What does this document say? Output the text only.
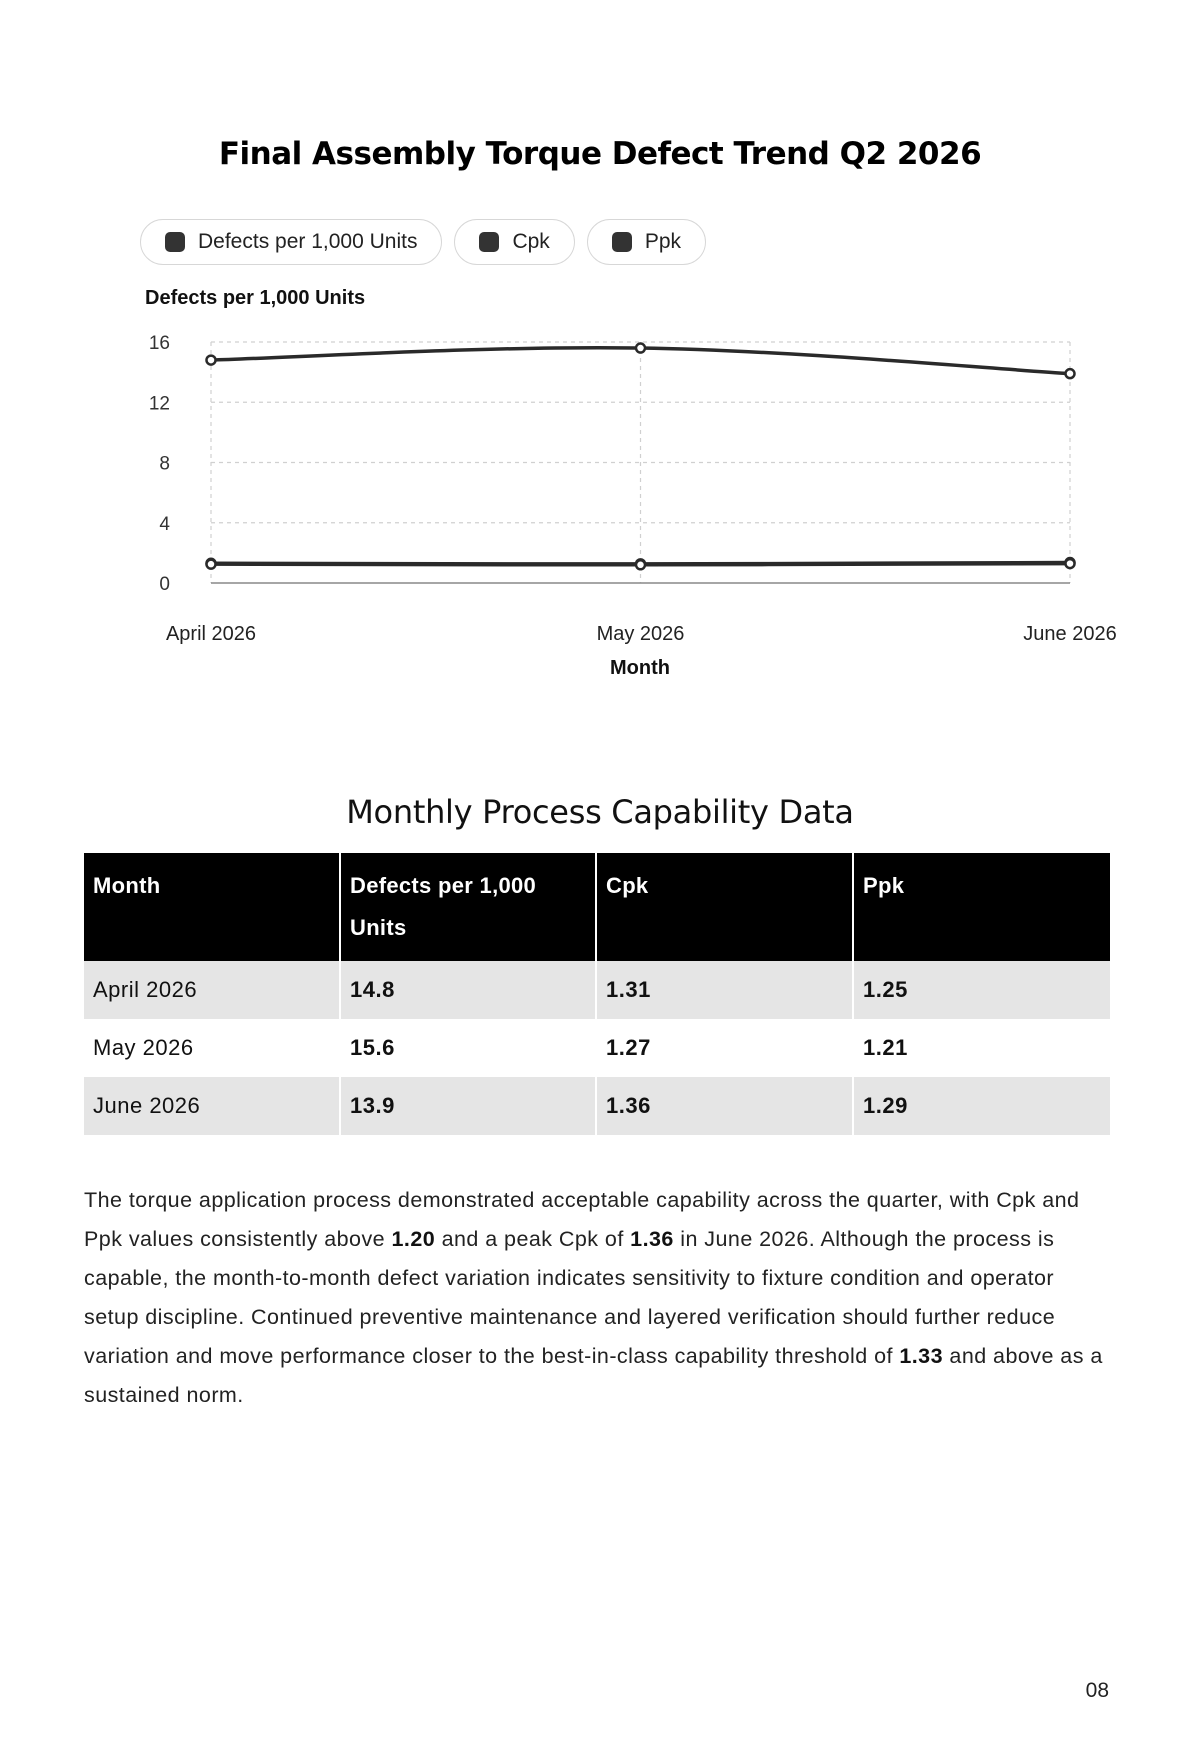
Final Assembly Torque Defect Trend Q2 2026
Defects per 1,000 Units	Cpk	Ppk
Defects per 1,000 Units
0
4
8
12
16
April 2026	May 2026	June 2026
Month
Monthly Process Capability Data
Month	Defects per 1,000 Units	Cpk	Ppk
April 2026	14.8	1.31	1.25
May 2026	15.6	1.27	1.21
June 2026	13.9	1.36	1.29

The torque application process demonstrated acceptable capability across the quarter, with Cpk and Ppk values consistently above 1.20 and a peak Cpk of 1.36 in June 2026. Although the process is capable, the month-to-month defect variation indicates sensitivity to fixture condition and operator setup discipline. Continued preventive maintenance and layered verification should further reduce variation and move performance closer to the best-in-class capability threshold of 1.33 and above as a sustained norm.

08
